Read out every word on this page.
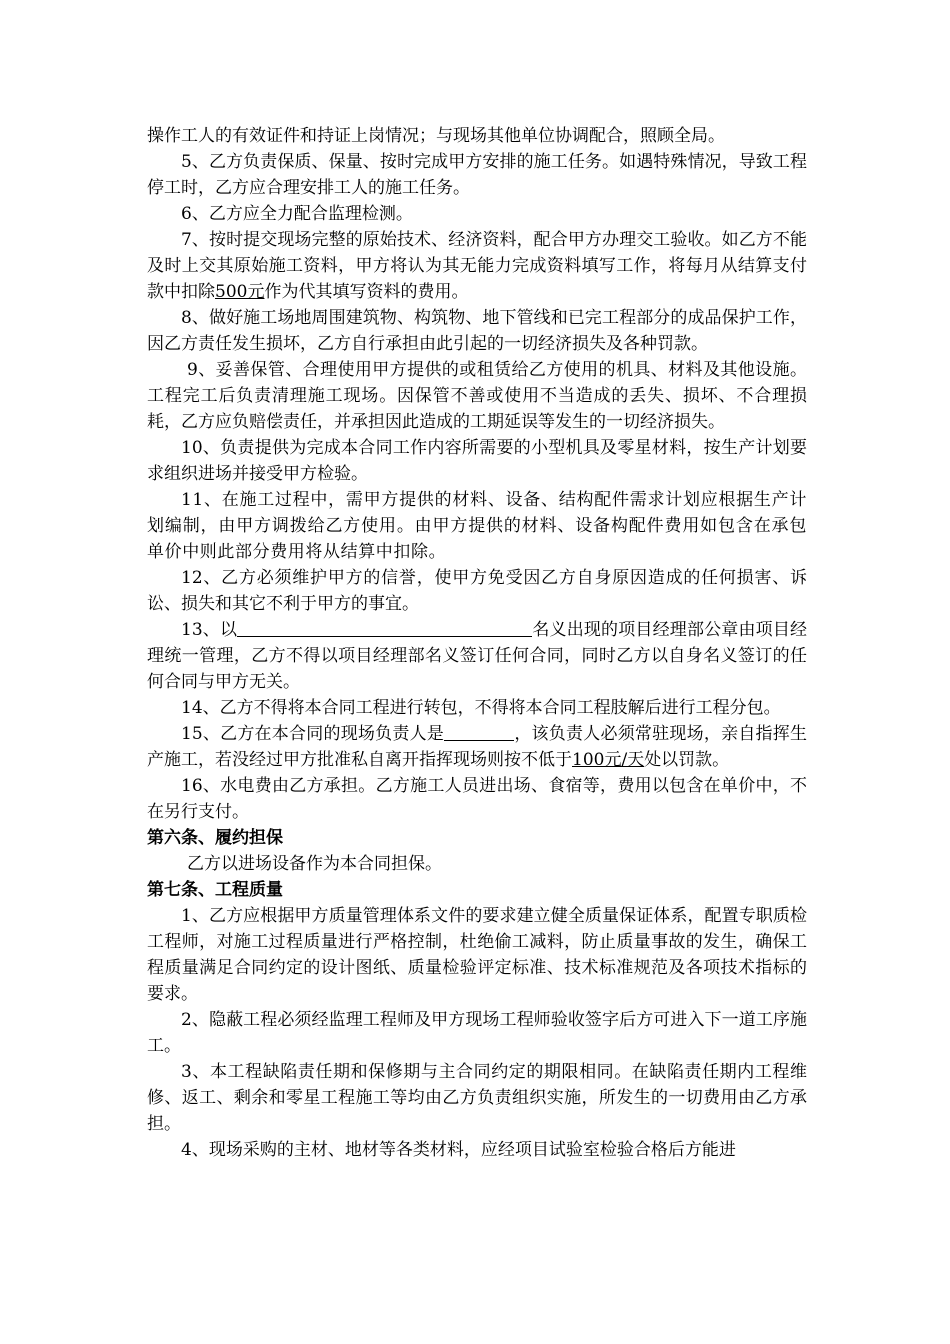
操作工人的有效证件和持证上岗情况；与现场其他单位协调配合，照顾全局。

5、乙方负责保质、保量、按时完成甲方安排的施工任务。如遇特殊情况，导致工程停工时，乙方应合理安排工人的施工任务。

6、乙方应全力配合监理检测。

7、按时提交现场完整的原始技术、经济资料，配合甲方办理交工验收。如乙方不能及时上交其原始施工资料，甲方将认为其无能力完成资料填写工作，将每月从结算支付款中扣除500元作为代其填写资料的费用。

8、做好施工场地周围建筑物、构筑物、地下管线和已完工程部分的成品保护工作，因乙方责任发生损坏，乙方自行承担由此引起的一切经济损失及各种罚款。

9、妥善保管、合理使用甲方提供的或租赁给乙方使用的机具、材料及其他设施。工程完工后负责清理施工现场。因保管不善或使用不当造成的丢失、损坏、不合理损耗，乙方应负赔偿责任，并承担因此造成的工期延误等发生的一切经济损失。

10、负责提供为完成本合同工作内容所需要的小型机具及零星材料，按生产计划要求组织进场并接受甲方检验。

11、在施工过程中，需甲方提供的材料、设备、结构配件需求计划应根据生产计划编制，由甲方调拨给乙方使用。由甲方提供的材料、设备构配件费用如包含在承包单价中则此部分费用将从结算中扣除。

12、乙方必须维护甲方的信誉，使甲方免受因乙方自身原因造成的任何损害、诉讼、损失和其它不利于甲方的事宜。

13、以	名义出现的项目经理部公章由项目经理统一管理，乙方不得以项目经理部名义签订任何合同，同时乙方以自身名义签订的任何合同与甲方无关。

14、乙方不得将本合同工程进行转包，不得将本合同工程肢解后进行工程分包。

15、乙方在本合同的现场负责人是	，该负责人必须常驻现场，亲自指挥生产施工，若没经过甲方批准私自离开指挥现场则按不低于100元/天处以罚款。

16、水电费由乙方承担。乙方施工人员进出场、食宿等，费用以包含在单价中，不在另行支付。

第六条、履约担保

乙方以进场设备作为本合同担保。

第七条、工程质量

1、乙方应根据甲方质量管理体系文件的要求建立健全质量保证体系，配置专职质检工程师，对施工过程质量进行严格控制，杜绝偷工减料，防止质量事故的发生，确保工程质量满足合同约定的设计图纸、质量检验评定标准、技术标准规范及各项技术指标的要求。

2、隐蔽工程必须经监理工程师及甲方现场工程师验收签字后方可进入下一道工序施工。

3、本工程缺陷责任期和保修期与主合同约定的期限相同。在缺陷责任期内工程维修、返工、剩余和零星工程施工等均由乙方负责组织实施，所发生的一切费用由乙方承担。

4、现场采购的主材、地材等各类材料，应经项目试验室检验合格后方能进
